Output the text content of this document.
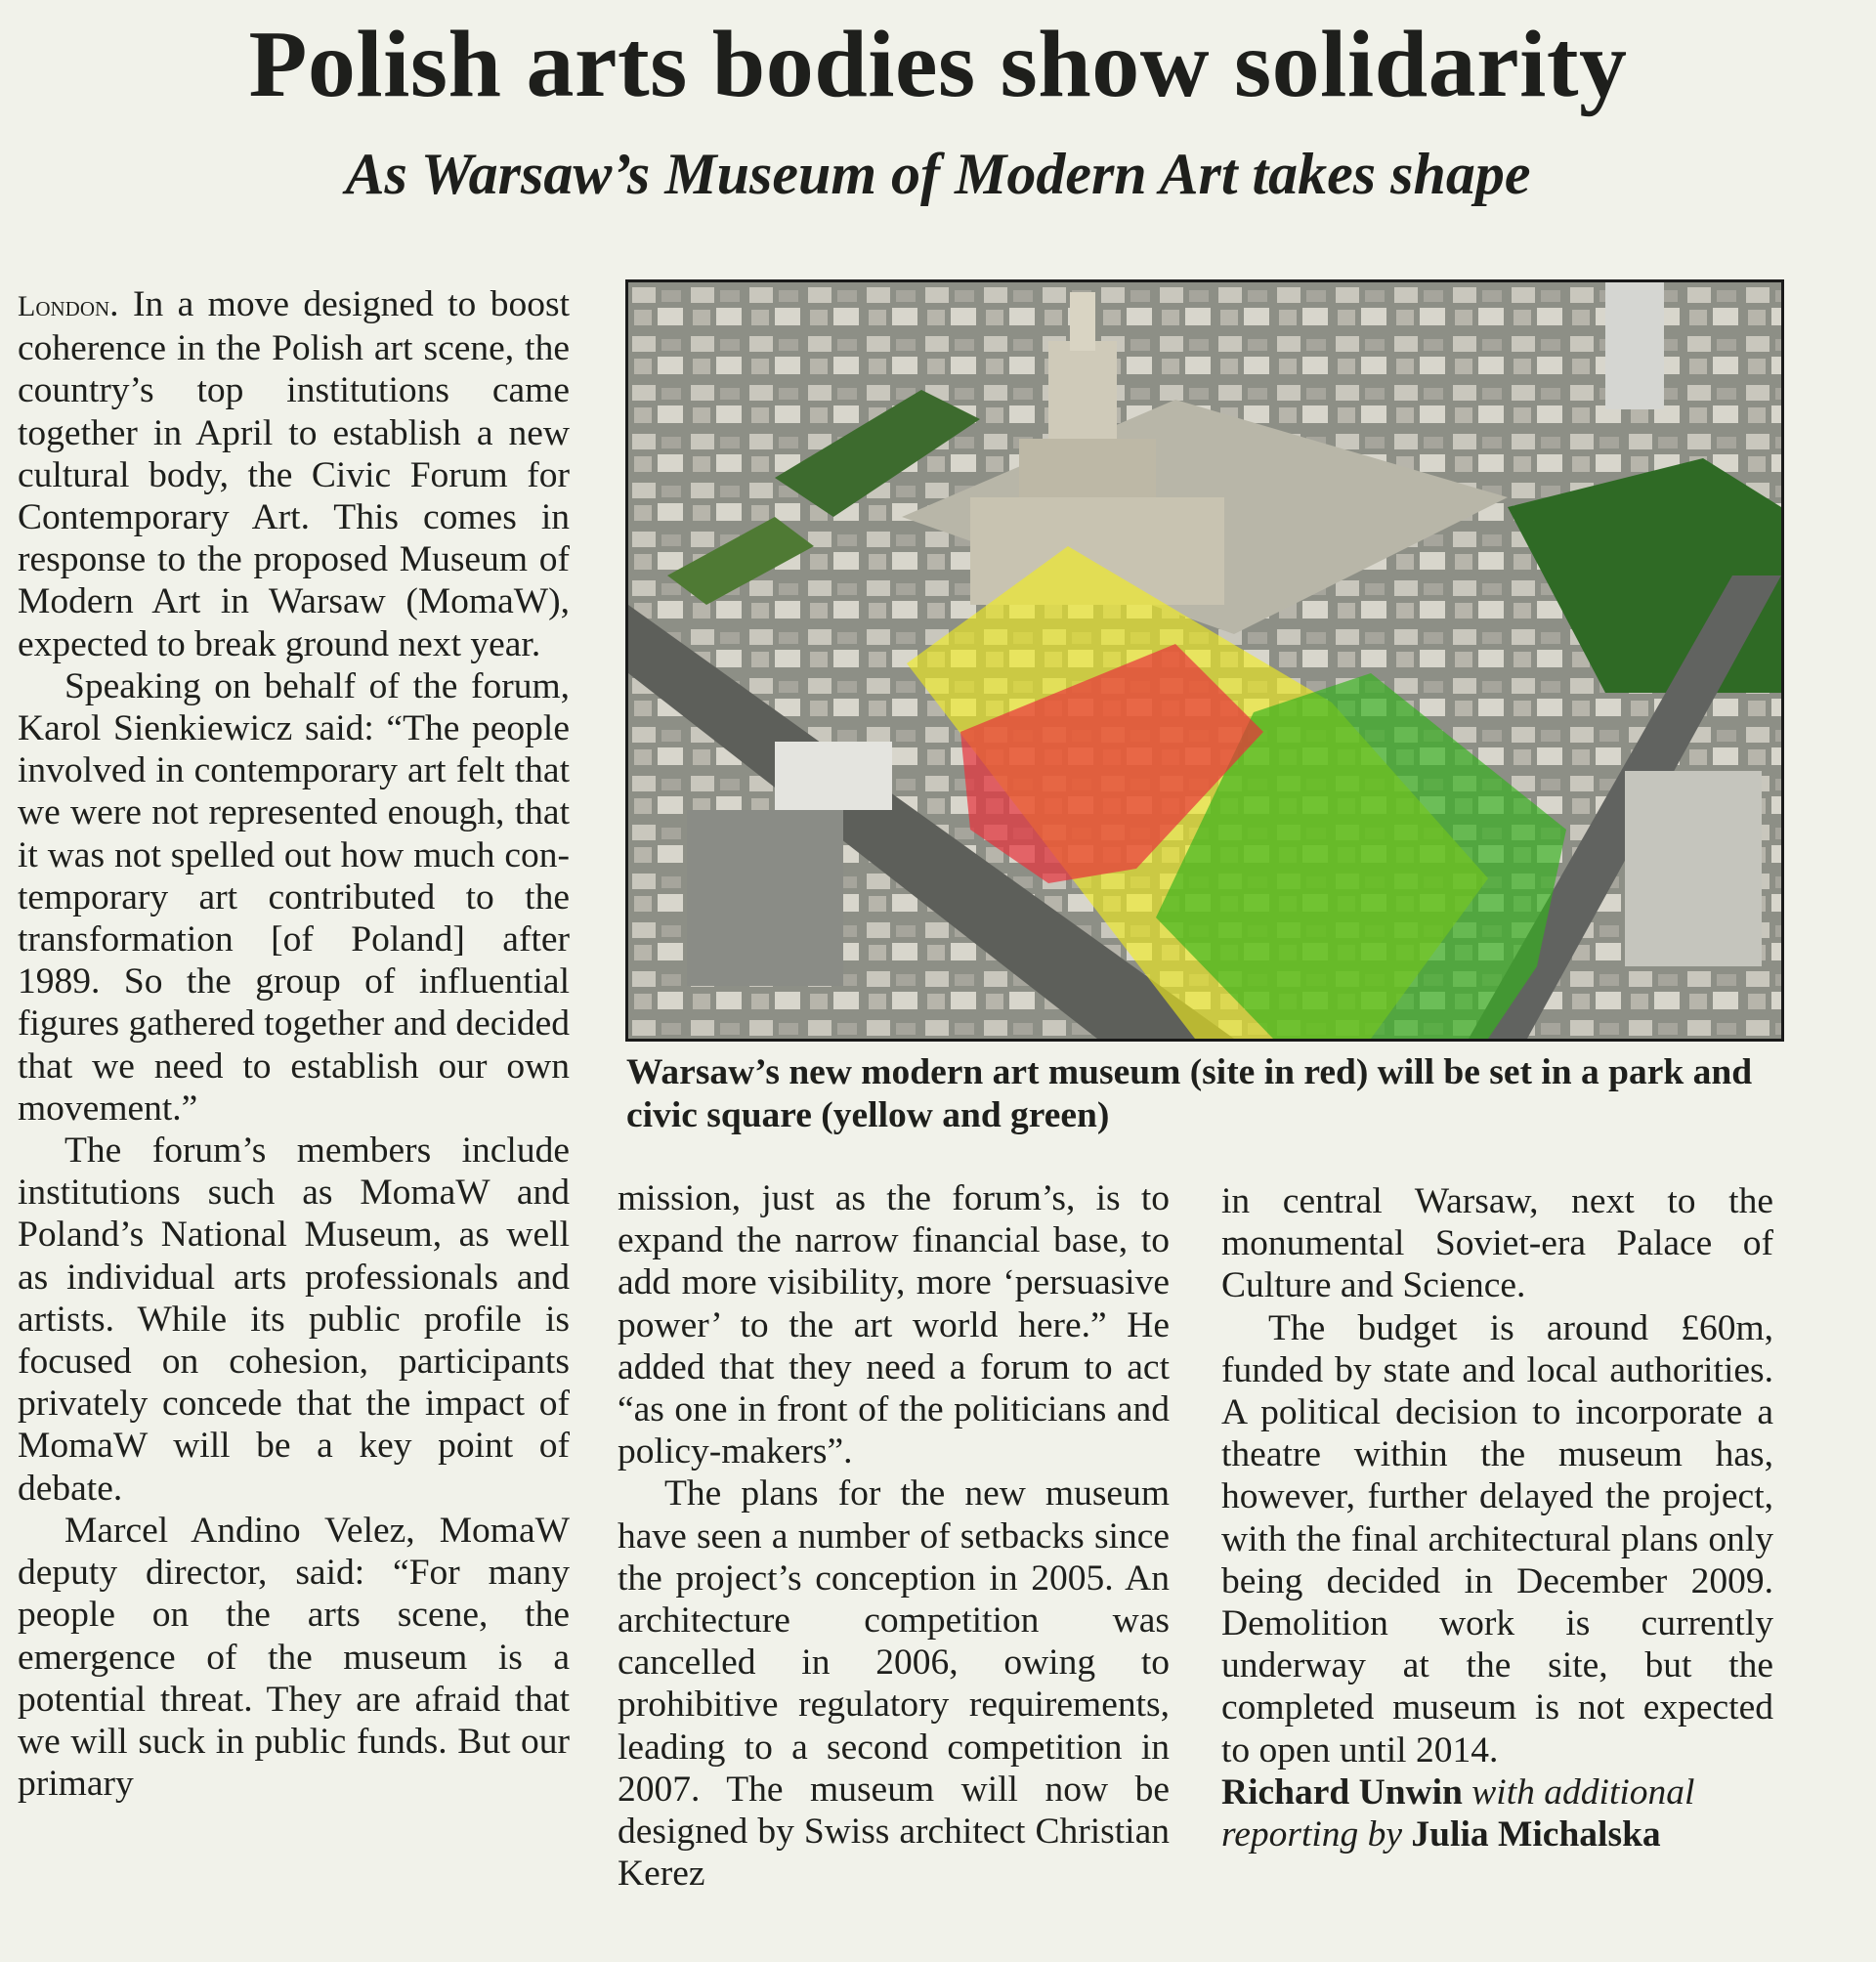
Polish arts bodies show solidarity
As Warsaw’s Museum of Modern Art takes shape

London. In a move designed to boost coherence in the Polish art scene, the country’s top institutions came together in April to establish a new cultural body, the Civic Forum for Contemporary Art. This comes in response to the proposed Museum of Modern Art in Warsaw (MomaW), expected to break ground next year.

Speaking on behalf of the forum, Karol Sienkiewicz said: “The people involved in contemporary art felt that we were not represented enough, that it was not spelled out how much contemporary art contributed to the transformation [of Poland] after 1989. So the group of influential figures gathered together and decided that we need to establish our own movement.”

The forum’s members include institutions such as MomaW and Poland’s National Museum, as well as individual arts professionals and artists. While its public profile is focused on cohesion, participants privately concede that the impact of MomaW will be a key point of debate.

Marcel Andino Velez, MomaW deputy director, said: “For many people on the arts scene, the emergence of the museum is a potential threat. They are afraid that we will suck in public funds. But our primary

Warsaw’s new modern art museum (site in red) will be set in a park and civic square (yellow and green)

mission, just as the forum’s, is to expand the narrow financial base, to add more visibility, more ‘persuasive power’ to the art world here.” He added that they need a forum to act “as one in front of the politicians and policy-makers”.

The plans for the new museum have seen a number of setbacks since the project’s conception in 2005. An architecture competition was cancelled in 2006, owing to prohibitive regulatory requirements, leading to a second competition in 2007. The museum will now be designed by Swiss architect Christian Kerez

in central Warsaw, next to the monumental Soviet-era Palace of Culture and Science.

The budget is around £60m, funded by state and local authorities. A political decision to incorporate a theatre within the museum has, however, further delayed the project, with the final architectural plans only being decided in December 2009. Demolition work is currently underway at the site, but the completed museum is not expected to open until 2014.

Richard Unwin with additional reporting by Julia Michalska
